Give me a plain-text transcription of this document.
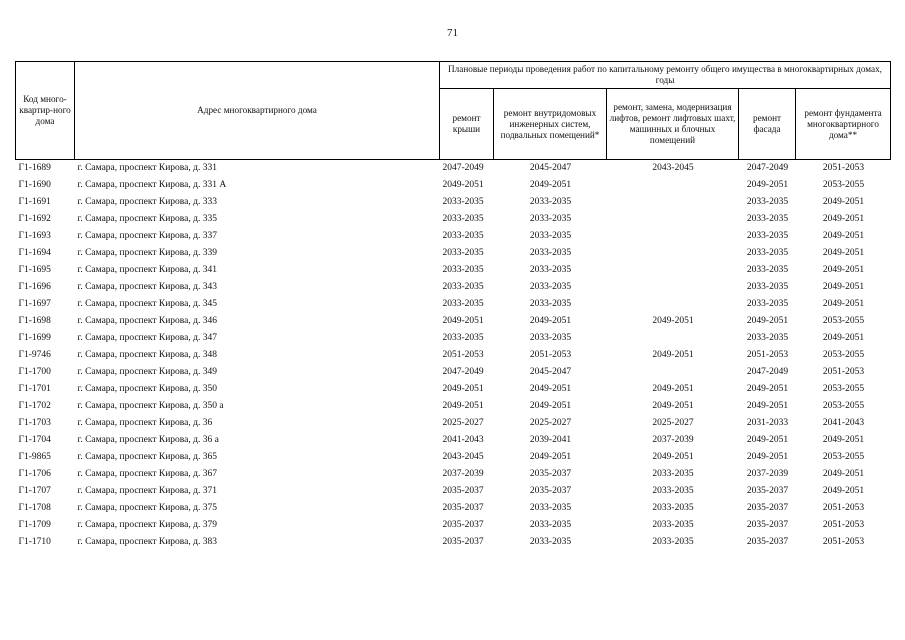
71
Код много-квартир-ного дома	Адрес многоквартирного дома	Плановые периоды проведения работ по капитальному ремонту общего имущества в многоквартирных домах, годы				
		ремонт крыши	ремонт внутридомовых инженерных систем, подвальных помещений*	ремонт, замена, модернизация лифтов, ремонт лифтовых шахт, машинных и блочных помещений	ремонт фасада	ремонт фундамента многоквартирного дома**
Г1-1689	г. Самара, проспект Кирова, д. 331	2047-2049	2045-2047	2043-2045	2047-2049	2051-2053
Г1-1690	г. Самара, проспект Кирова, д. 331 А	2049-2051	2049-2051		2049-2051	2053-2055
Г1-1691	г. Самара, проспект Кирова, д. 333	2033-2035	2033-2035		2033-2035	2049-2051
Г1-1692	г. Самара, проспект Кирова, д. 335	2033-2035	2033-2035		2033-2035	2049-2051
Г1-1693	г. Самара, проспект Кирова, д. 337	2033-2035	2033-2035		2033-2035	2049-2051
Г1-1694	г. Самара, проспект Кирова, д. 339	2033-2035	2033-2035		2033-2035	2049-2051
Г1-1695	г. Самара, проспект Кирова, д. 341	2033-2035	2033-2035		2033-2035	2049-2051
Г1-1696	г. Самара, проспект Кирова, д. 343	2033-2035	2033-2035		2033-2035	2049-2051
Г1-1697	г. Самара, проспект Кирова, д. 345	2033-2035	2033-2035		2033-2035	2049-2051
Г1-1698	г. Самара, проспект Кирова, д. 346	2049-2051	2049-2051	2049-2051	2049-2051	2053-2055
Г1-1699	г. Самара, проспект Кирова, д. 347	2033-2035	2033-2035		2033-2035	2049-2051
Г1-9746	г. Самара, проспект Кирова, д. 348	2051-2053	2051-2053	2049-2051	2051-2053	2053-2055
Г1-1700	г. Самара, проспект Кирова, д. 349	2047-2049	2045-2047		2047-2049	2051-2053
Г1-1701	г. Самара, проспект Кирова, д. 350	2049-2051	2049-2051	2049-2051	2049-2051	2053-2055
Г1-1702	г. Самара, проспект Кирова, д. 350 а	2049-2051	2049-2051	2049-2051	2049-2051	2053-2055
Г1-1703	г. Самара, проспект Кирова, д. 36	2025-2027	2025-2027	2025-2027	2031-2033	2041-2043
Г1-1704	г. Самара, проспект Кирова, д. 36 а	2041-2043	2039-2041	2037-2039	2049-2051	2049-2051
Г1-9865	г. Самара, проспект Кирова, д. 365	2043-2045	2049-2051	2049-2051	2049-2051	2053-2055
Г1-1706	г. Самара, проспект Кирова, д. 367	2037-2039	2035-2037	2033-2035	2037-2039	2049-2051
Г1-1707	г. Самара, проспект Кирова, д. 371	2035-2037	2035-2037	2033-2035	2035-2037	2049-2051
Г1-1708	г. Самара, проспект Кирова, д. 375	2035-2037	2033-2035	2033-2035	2035-2037	2051-2053
Г1-1709	г. Самара, проспект Кирова, д. 379	2035-2037	2033-2035	2033-2035	2035-2037	2051-2053
Г1-1710	г. Самара, проспект Кирова, д. 383	2035-2037	2033-2035	2033-2035	2035-2037	2051-2053
